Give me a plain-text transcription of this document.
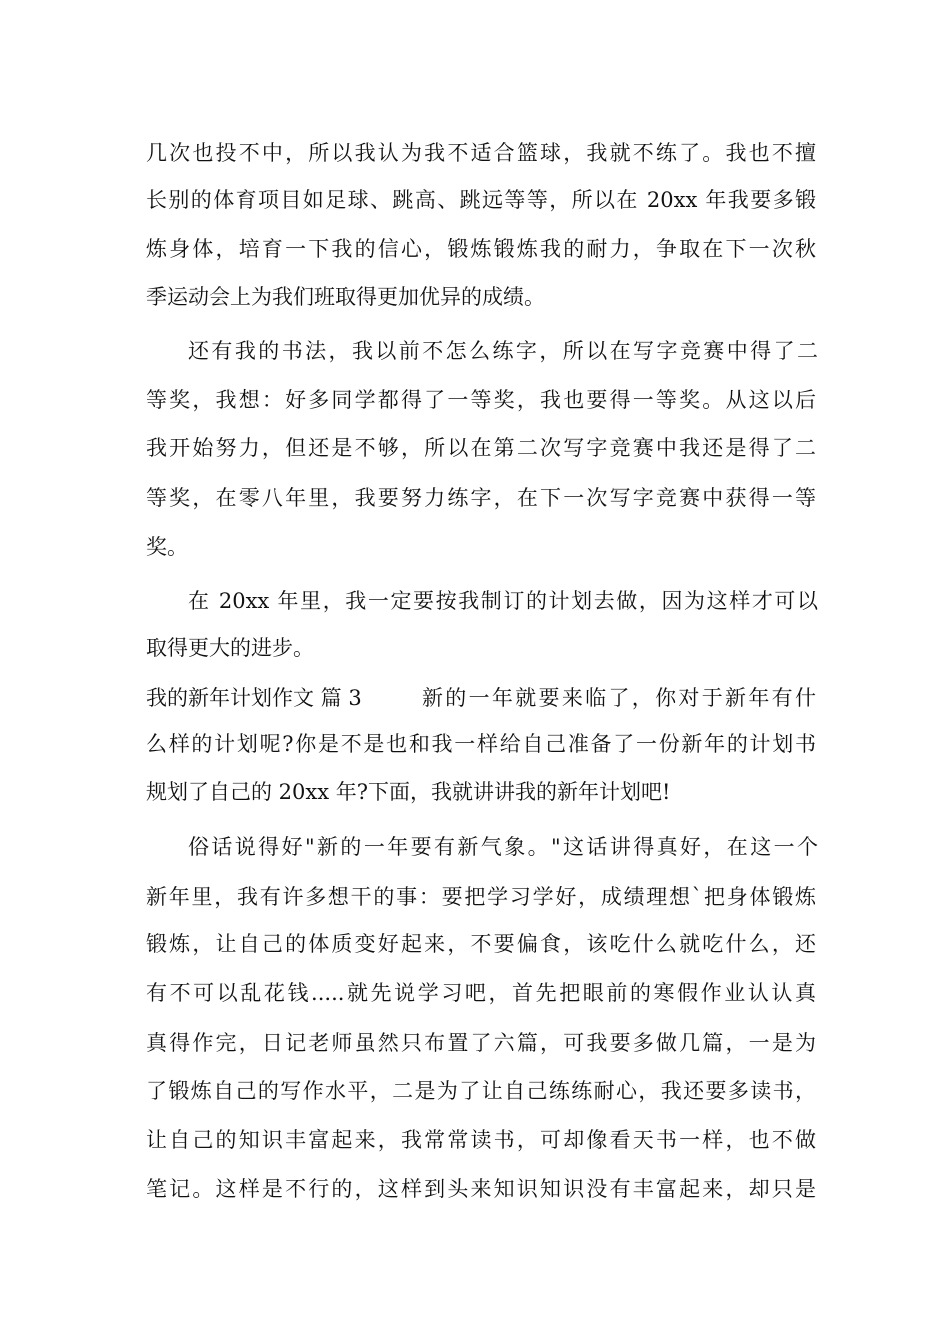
几次也投不中，所以我认为我不适合篮球，我就不练了。我也不擅
长别的体育项目如足球、跳高、跳远等等，所以在 20xx 年我要多锻
炼身体，培育一下我的信心，锻炼锻炼我的耐力，争取在下一次秋
季运动会上为我们班取得更加优异的成绩。
还有我的书法，我以前不怎么练字，所以在写字竞赛中得了二
等奖，我想：好多同学都得了一等奖，我也要得一等奖。从这以后
我开始努力，但还是不够，所以在第二次写字竞赛中我还是得了二
等奖，在零八年里，我要努力练字，在下一次写字竞赛中获得一等
奖。
在 20xx 年里，我一定要按我制订的计划去做，因为这样才可以
取得更大的进步。
我的新年计划作文 篇 3	新的一年就要来临了，你对于新年有什
么样的计划呢?你是不是也和我一样给自己准备了一份新年的计划书
规划了自己的 20xx 年?下面，我就讲讲我的新年计划吧!
俗话说得好"新的一年要有新气象。"这话讲得真好，在这一个
新年里，我有许多想干的事：要把学习学好，成绩理想`把身体锻炼
锻炼，让自己的体质变好起来，不要偏食，该吃什么就吃什么，还
有不可以乱花钱.....就先说学习吧，首先把眼前的寒假作业认认真
真得作完，日记老师虽然只布置了六篇，可我要多做几篇，一是为
了锻炼自己的写作水平，二是为了让自己练练耐心，我还要多读书，
让自己的知识丰富起来，我常常读书，可却像看天书一样，也不做
笔记。这样是不行的，这样到头来知识知识没有丰富起来，却只是
